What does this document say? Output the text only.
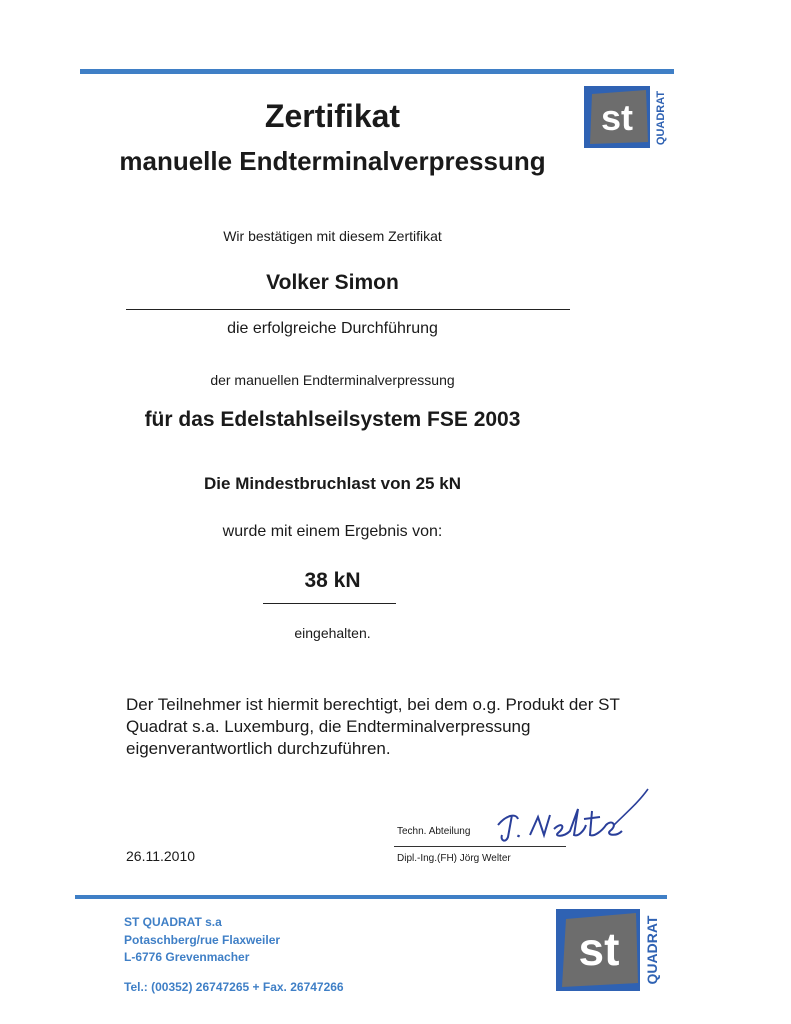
st QUADRAT
Zertifikat
manuelle Endterminalverpressung
Wir bestätigen mit diesem Zertifikat
Volker Simon
die erfolgreiche Durchführung
der manuellen Endterminalverpressung
für das Edelstahlseilsystem FSE 2003
Die Mindestbruchlast von 25 kN
wurde mit einem Ergebnis von:
38 kN
eingehalten.
Der Teilnehmer ist hiermit berechtigt, bei dem o.g. Produkt der ST Quadrat s.a. Luxemburg, die Endterminalverpressung eigenverantwortlich durchzuführen.
26.11.2010
Techn. Abteilung
Dipl.-Ing.(FH) Jörg Welter
ST QUADRAT s.a
Potaschberg/rue Flaxweiler
L-6776 Grevenmacher
Tel.: (00352) 26747265 + Fax. 26747266
st QUADRAT
